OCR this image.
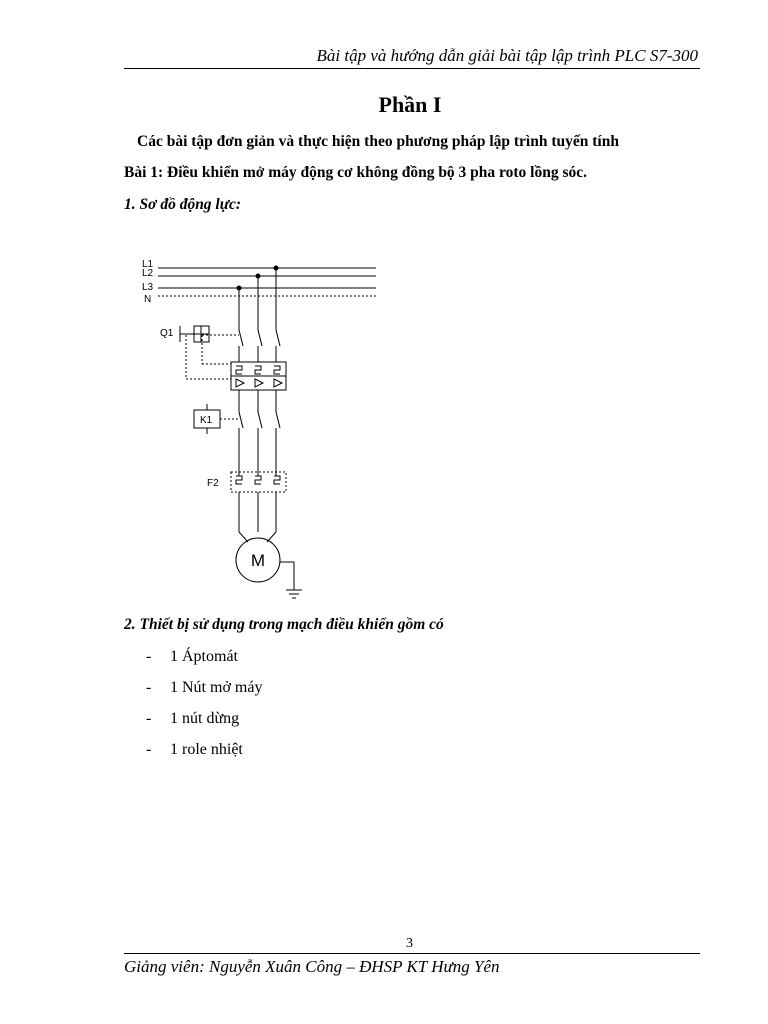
Bài tập và hướng dẫn giải bài tập lập trình PLC S7-300
Phần I
Các bài tập đơn giản và thực hiện theo phương pháp lập trình tuyến tính
Bài 1: Điều khiển mở máy động cơ không đồng bộ 3 pha roto lồng sóc.
1. Sơ đồ động lực:
L1
L2
L3
N
Q1
K1
F2
M
2. Thiết bị sử dụng trong mạch điều khiển gồm có
- 1 Áptomát
- 1 Nút mở máy
- 1 nút dừng
- 1 role nhiệt
3
Giảng viên: Nguyễn Xuân Công – ĐHSP KT Hưng Yên
